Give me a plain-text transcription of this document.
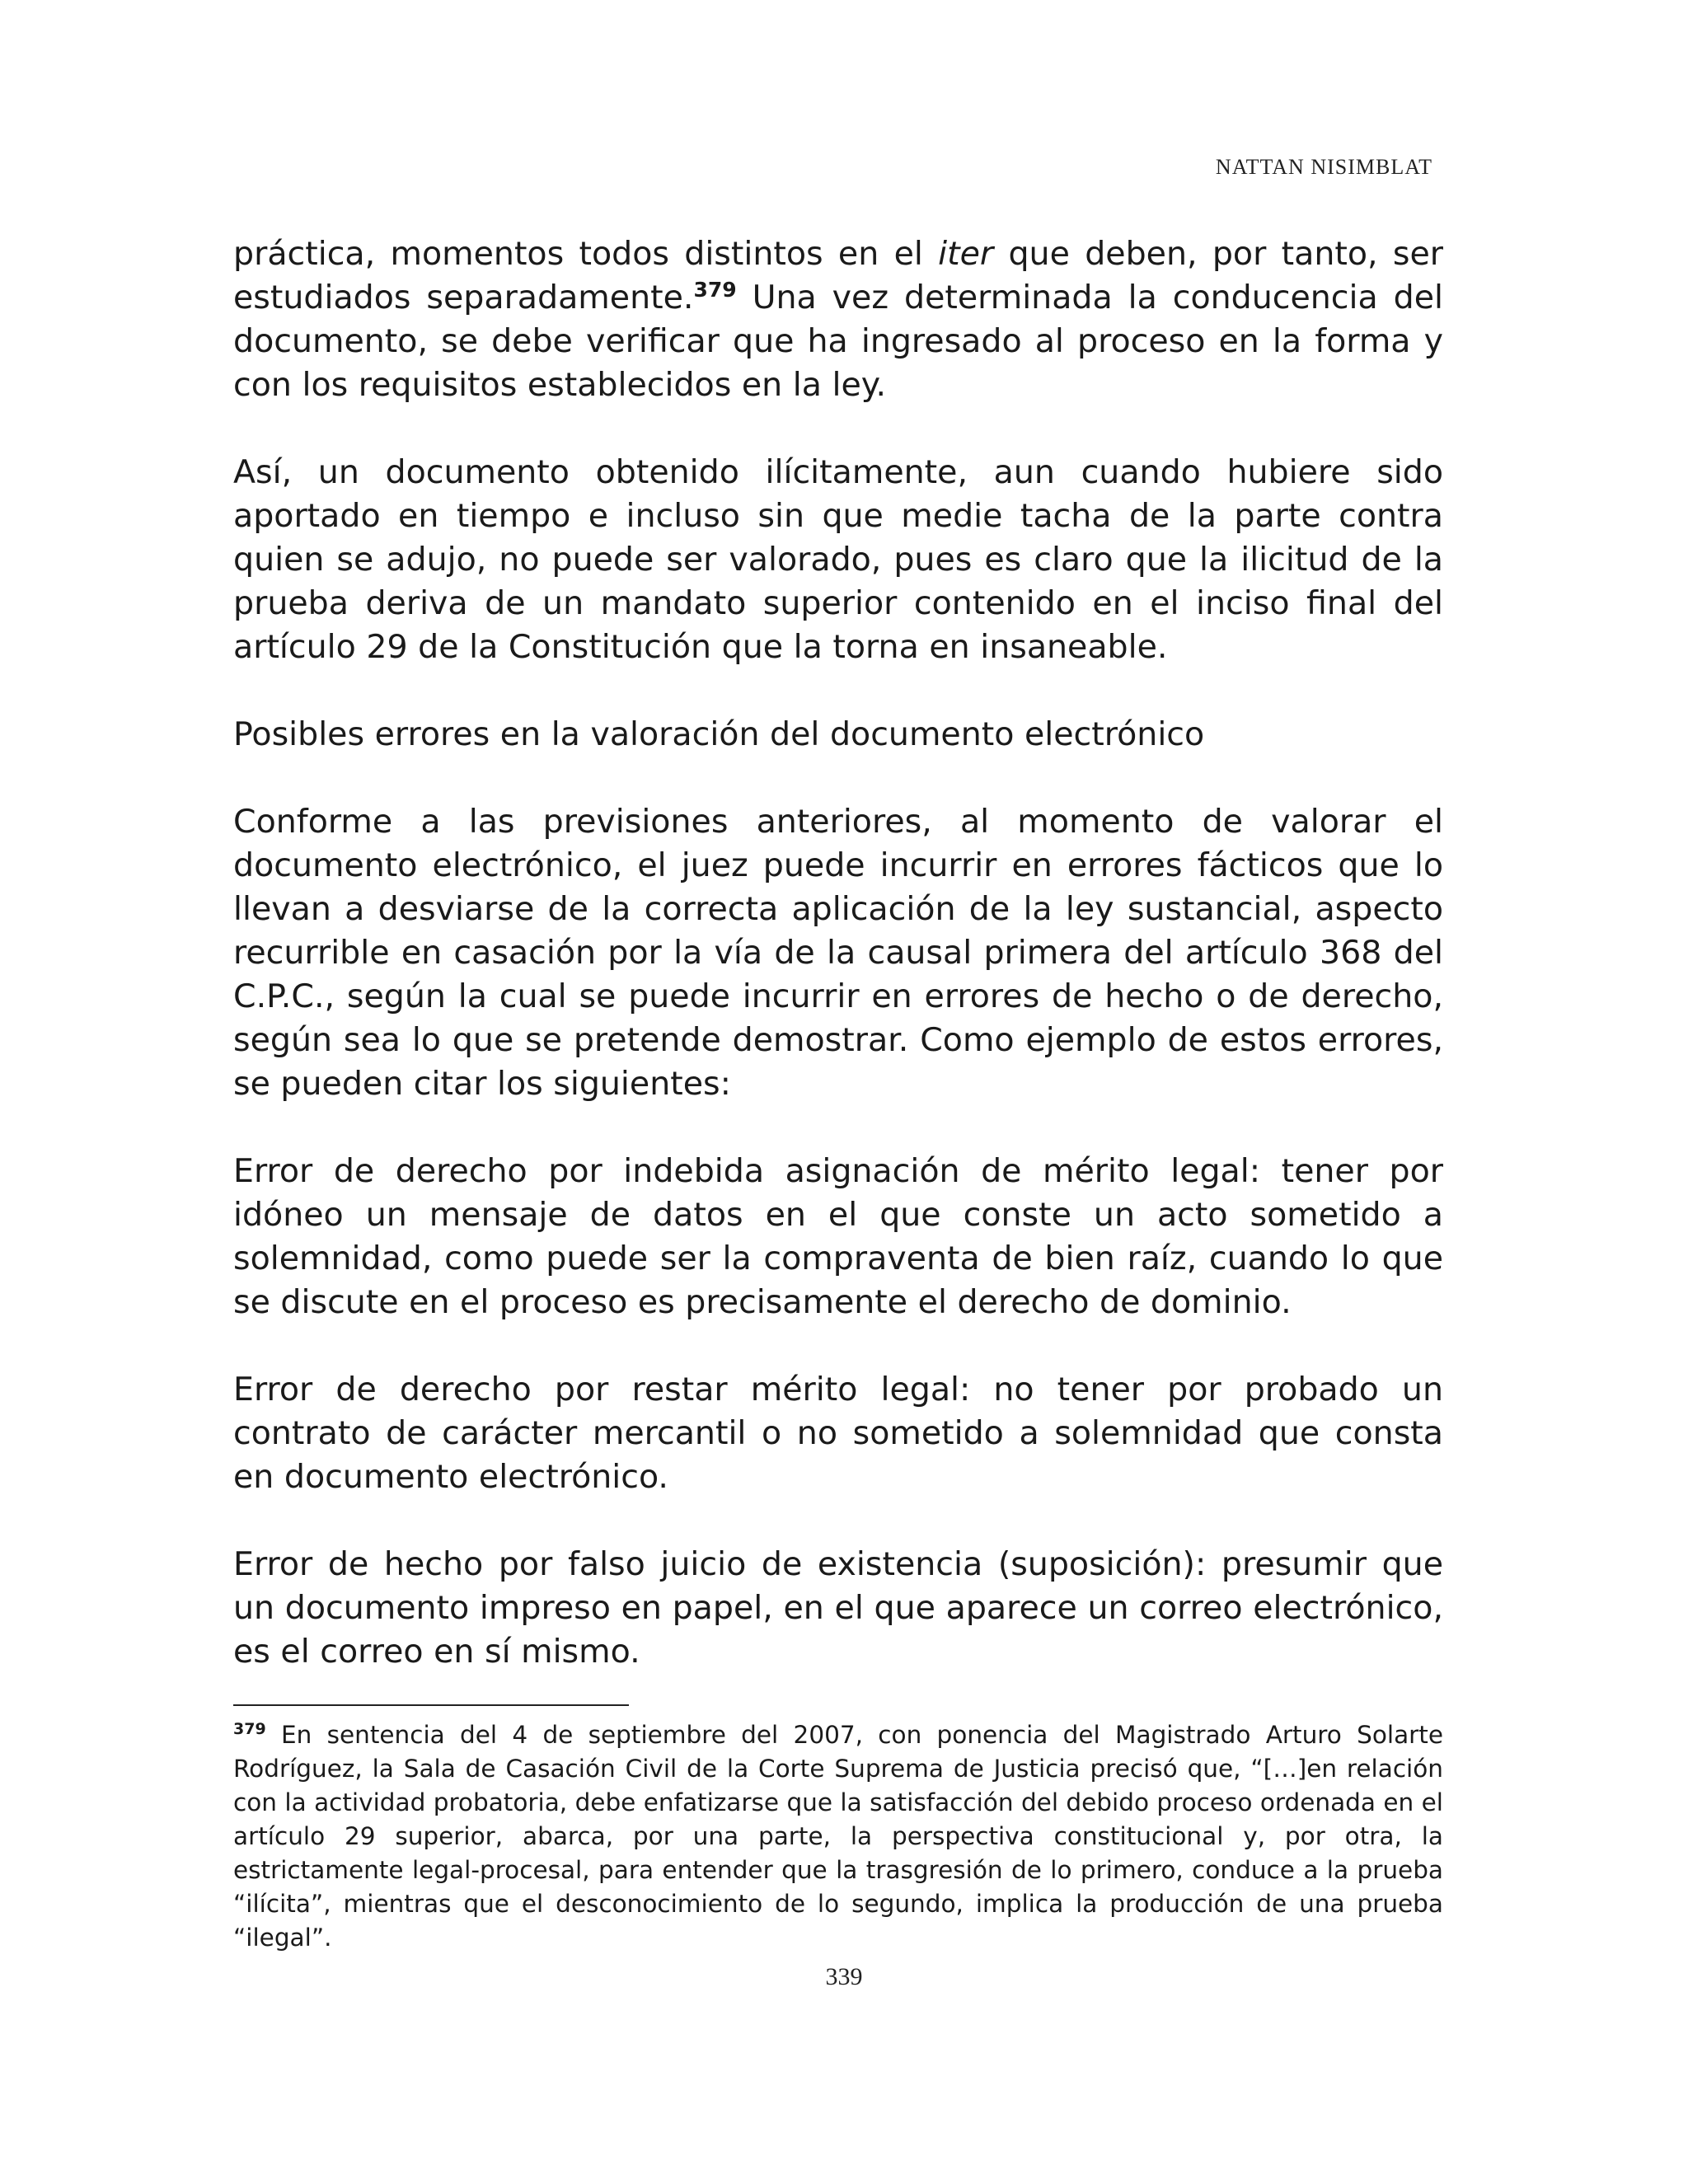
NATTAN NISIMBLAT

práctica, momentos todos distintos en el iter que deben, por tanto, ser estudiados separadamente.$^{379}$ Una vez determinada la conducencia del documento, se debe verificar que ha ingresado al proceso en la forma y con los requisitos establecidos en la ley.

Así, un documento obtenido ilícitamente, aun cuando hubiere sido aportado en tiempo e incluso sin que medie tacha de la parte contra quien se adujo, no puede ser valorado, pues es claro que la ilicitud de la prueba deriva de un mandato superior contenido en el inciso final del artículo 29 de la Constitución que la torna en insaneable.

Posibles errores en la valoración del documento electrónico

Conforme a las previsiones anteriores, al momento de valorar el documento electrónico, el juez puede incurrir en errores fácticos que lo llevan a desviarse de la correcta aplicación de la ley sustancial, aspecto recurrible en casación por la vía de la causal primera del artículo 368 del C.P.C., según la cual se puede incurrir en errores de hecho o de derecho, según sea lo que se pretende demostrar. Como ejemplo de estos errores, se pueden citar los siguientes:

Error de derecho por indebida asignación de mérito legal: tener por idóneo un mensaje de datos en el que conste un acto sometido a solemnidad, como puede ser la compraventa de bien raíz, cuando lo que se discute en el proceso es precisamente el derecho de dominio.

Error de derecho por restar mérito legal: no tener por probado un contrato de carácter mercantil o no sometido a solemnidad que consta en documento electrónico.

Error de hecho por falso juicio de existencia (suposición): presumir que un documento impreso en papel, en el que aparece un correo electrónico, es el correo en sí mismo.

$^{379}$ En sentencia del 4 de septiembre del 2007, con ponencia del Magistrado Arturo Solarte Rodríguez, la Sala de Casación Civil de la Corte Suprema de Justicia precisó que, “[…]en relación con la actividad probatoria, debe enfatizarse que la satisfacción del debido proceso ordenada en el artículo 29 superior, abarca, por una parte, la perspectiva constitucional y, por otra, la estrictamente legal-procesal, para entender que la trasgresión de lo primero, conduce a la prueba “ilícita”, mientras que el desconocimiento de lo segundo, implica la producción de una prueba “ilegal”.
339
